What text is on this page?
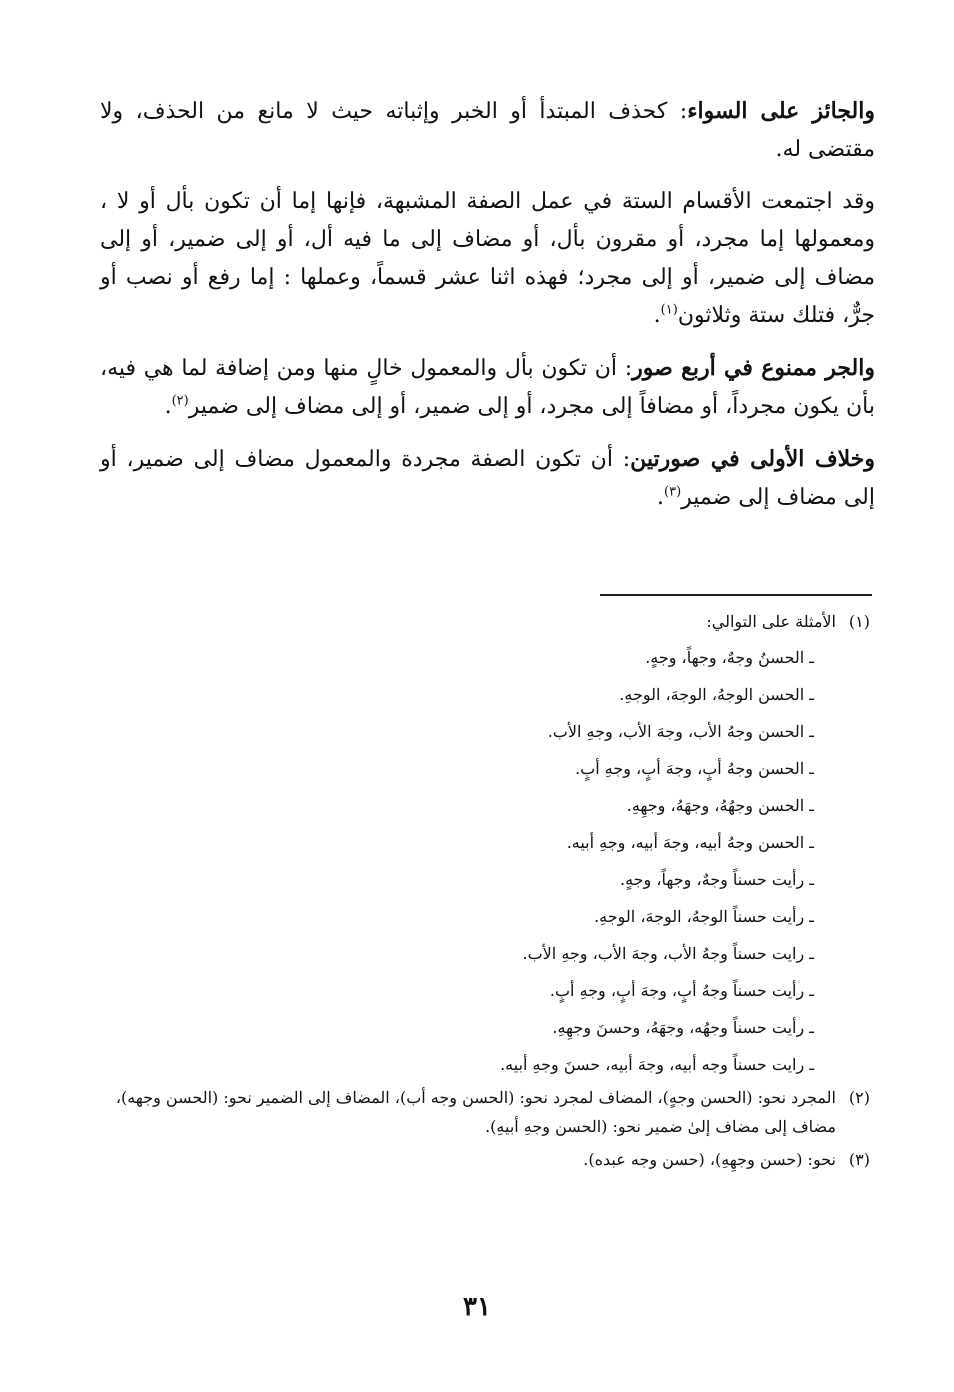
والجائز على السواء: كحذف المبتدأ أو الخبر وإثباته حيث لا مانع من الحذف، ولا مقتضى له.

وقد اجتمعت الأقسام الستة في عمل الصفة المشبهة، فإنها إما أن تكون بأل أو لا ، ومعمولها إما مجرد، أو مقرون بأل، أو مضاف إلى ما فيه أل، أو إلى ضمير، أو إلى مضاف إلى ضمير، أو إلى مجرد؛ فهذه اثنا عشر قسماً، وعملها : إما رفع أو نصب أو جرٌّ، فتلك ستة وثلاثون$^{(١)}$.

والجر ممنوع في أربع صور: أن تكون بأل والمعمول خالٍ منها ومن إضافة لما هي فيه، بأن يكون مجرداً، أو مضافاً إلى مجرد، أو إلى ضمير، أو إلى مضاف إلى ضمير$^{(٢)}$.

وخلاف الأولى في صورتين: أن تكون الصفة مجردة والمعمول مضاف إلى ضمير، أو إلى مضاف إلى ضمير$^{(٣)}$.

(١)
الأمثلة على التوالي:
ـ الحسنُ وجهٌ، وجهاً، وجهٍ.
ـ الحسن الوجهُ، الوجهَ، الوجهِ.
ـ الحسن وجهُ الأب، وجهَ الأب، وجهِ الأب.
ـ الحسن وجهُ أبٍ، وجهَ أبٍ، وجهِ أبٍ.
ـ الحسن وجهُهُ، وجهَهُ، وجهِهِ.
ـ الحسن وجهُ أبيه، وجهَ أبيه، وجهِ أبيه.
ـ رأيت حسناً وجهٌ، وجهاً، وجهٍ.
ـ رأيت حسناً الوجهُ، الوجهَ، الوجهِ.
ـ رايت حسناً وجهُ الأب، وجهَ الأب، وجهِ الأب.
ـ رأيت حسناً وجهُ أبٍ، وجهَ أبٍ، وجهِ أبٍ.
ـ رأيت حسناً وجهُه، وجهَهُ، وحسنَ وجهِهِ.
ـ رايت حسناً وجه أبيه، وجهَ أبيه، حسنَ وجهِ أبيه.
(٢)
المجرد نحو: (الحسن وجهٍ)، المضاف لمجرد نحو: (الحسن وجه أب)، المضاف إلى الضمير نحو: (الحسن وجهه)، مضاف إلى مضاف إلىٰ ضمير نحو: (الحسن وجهِ أبيهِ).
(٣)
نحو: (حسن وجهِهِ)، (حسن وجه عبده).
٣١
